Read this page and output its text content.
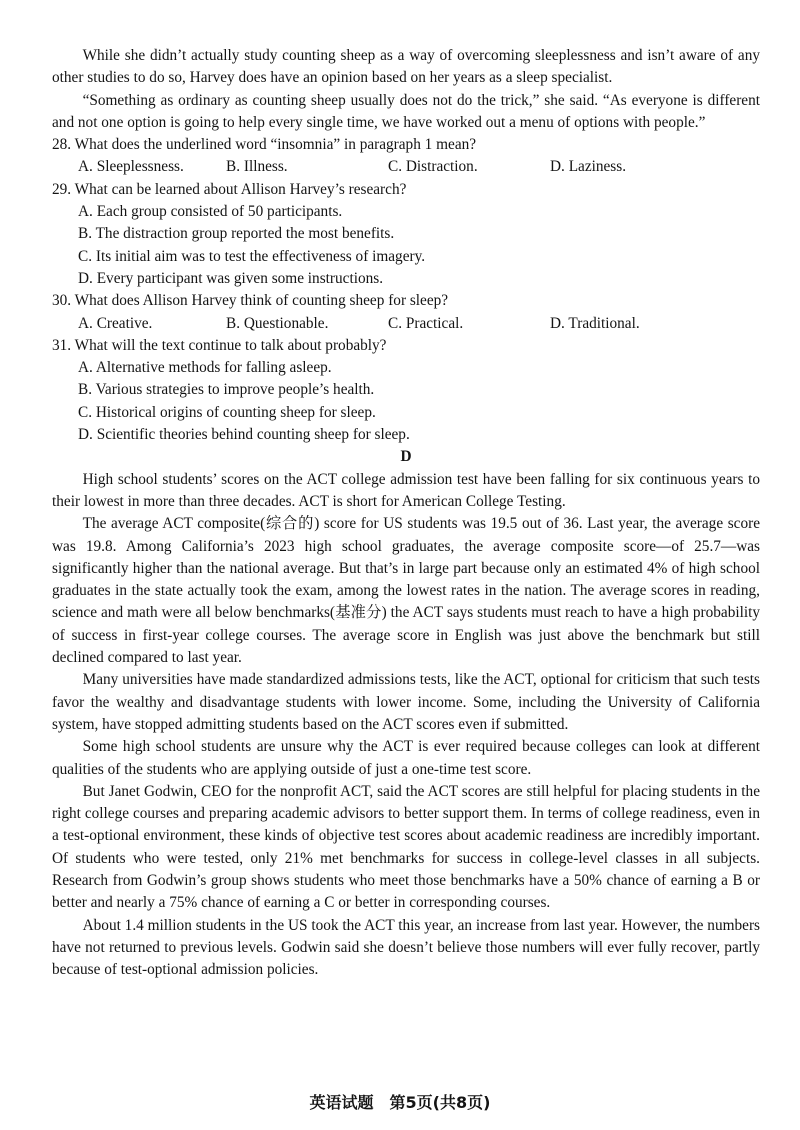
While she didn’t actually study counting sheep as a way of overcoming sleeplessness and isn’t aware of any other studies to do so, Harvey does have an opinion based on her years as a sleep specialist.

“Something as ordinary as counting sheep usually does not do the trick,” she said. “As everyone is different and not one option is going to help every single time, we have worked out a menu of options with people.”

28. What does the underlined word “insomnia” in paragraph 1 mean?

A. Sleeplessness.	B. Illness.	C. Distraction.	D. Laziness.

29. What can be learned about Allison Harvey’s research?

A. Each group consisted of 50 participants.
B. The distraction group reported the most benefits.
C. Its initial aim was to test the effectiveness of imagery.
D. Every participant was given some instructions.

30. What does Allison Harvey think of counting sheep for sleep?

A. Creative.	B. Questionable.	C. Practical.	D. Traditional.

31. What will the text continue to talk about probably?

A. Alternative methods for falling asleep.
B. Various strategies to improve people’s health.
C. Historical origins of counting sheep for sleep.
D. Scientific theories behind counting sheep for sleep.

D

High school students’ scores on the ACT college admission test have been falling for six continuous years to their lowest in more than three decades. ACT is short for American College Testing.

The average ACT composite(综合的) score for US students was 19.5 out of 36. Last year, the average score was 19.8. Among California’s 2023 high school graduates, the average composite score—of 25.7—was significantly higher than the national average. But that’s in large part because only an estimated 4% of high school graduates in the state actually took the exam, among the lowest rates in the nation. The average scores in reading, science and math were all below benchmarks(基准分) the ACT says students must reach to have a high probability of success in first-year college courses. The average score in English was just above the benchmark but still declined compared to last year.

Many universities have made standardized admissions tests, like the ACT, optional for criticism that such tests favor the wealthy and disadvantage students with lower income. Some, including the University of California system, have stopped admitting students based on the ACT scores even if submitted.

Some high school students are unsure why the ACT is ever required because colleges can look at different qualities of the students who are applying outside of just a one-time test score.

But Janet Godwin, CEO for the nonprofit ACT, said the ACT scores are still helpful for placing students in the right college courses and preparing academic advisors to better support them. In terms of college readiness, even in a test-optional environment, these kinds of objective test scores about academic readiness are incredibly important. Of students who were tested, only 21% met benchmarks for success in college-level classes in all subjects. Research from Godwin’s group shows students who meet those benchmarks have a 50% chance of earning a B or better and nearly a 75% chance of earning a C or better in corresponding courses.

About 1.4 million students in the US took the ACT this year, an increase from last year. However, the numbers have not returned to previous levels. Godwin said she doesn’t believe those numbers will ever fully recover, partly because of test-optional admission policies.

英语试题　第5页(共8页)
